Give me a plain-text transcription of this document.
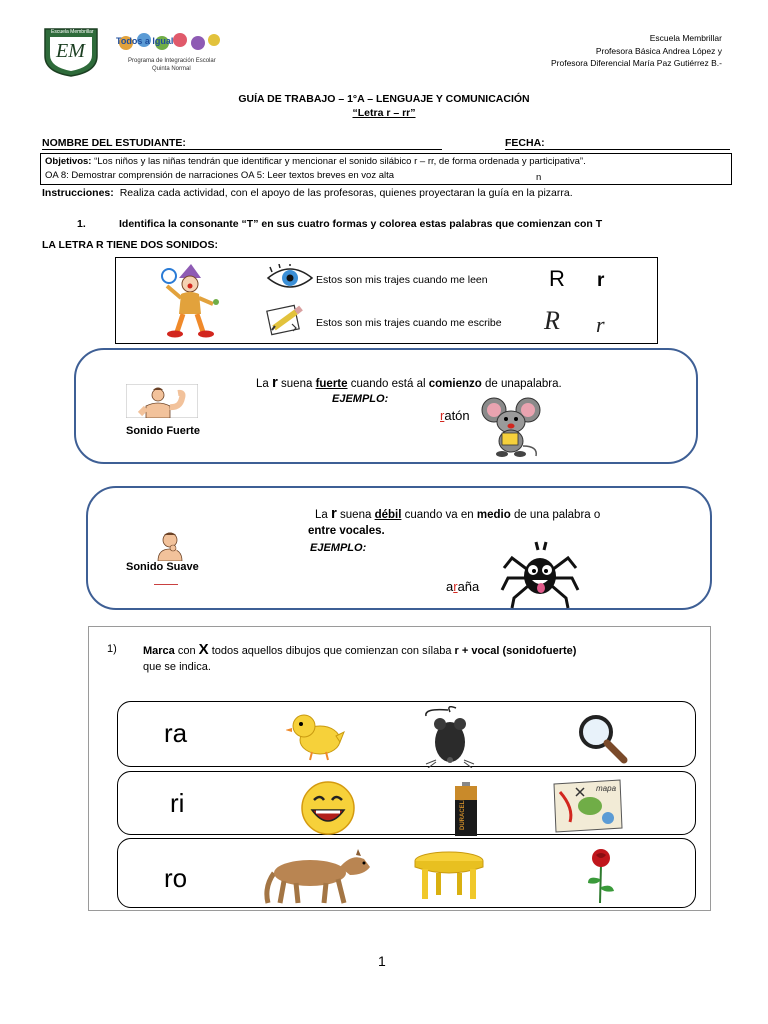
Escuela Membrillar
EM	Todos a Igual
Programa de Integración Escolar
Quinta Normal
Escuela Membrillar
Profesora Básica Andrea López y
Profesora Diferencial María Paz Gutiérrez B.-
GUÍA DE TRABAJO – 1°A – LENGUAJE Y COMUNICACIÓN
“Letra r – rr”
NOMBRE DEL ESTUDIANTE:	FECHA:
Objetivos: “Los niños y las niñas tendrán que identificar y mencionar el sonido silábico r – rr, de forma ordenada y participativa”.
OA 8: Demostrar comprensión de narraciones OA 5: Leer textos breves en voz alta	n
Instrucciones: Realiza cada actividad, con el apoyo de las profesoras, quienes proyectaran la guía en la pizarra.
1.	Identifica la consonante “T” en sus cuatro formas y colorea estas palabras que comienzan con T
LA LETRA R TIENE DOS SONIDOS:
Estos son mis trajes cuando me leen	R r
Estos son mis trajes cuando me escribe R r
Sonido Fuerte
La r suena fuerte cuando está al comienzo de unapalabra.
EJEMPLO:
ratón
Sonido Suave
La r suena débil cuando va en medio de una palabra o
entre vocales.
EJEMPLO:
araña
1) Marca con X todos aquellos dibujos que comienzan con sílaba r + vocal (sonidofuerte)
que se indica.
ra
ri	DURACELL
mapa
ro
1
